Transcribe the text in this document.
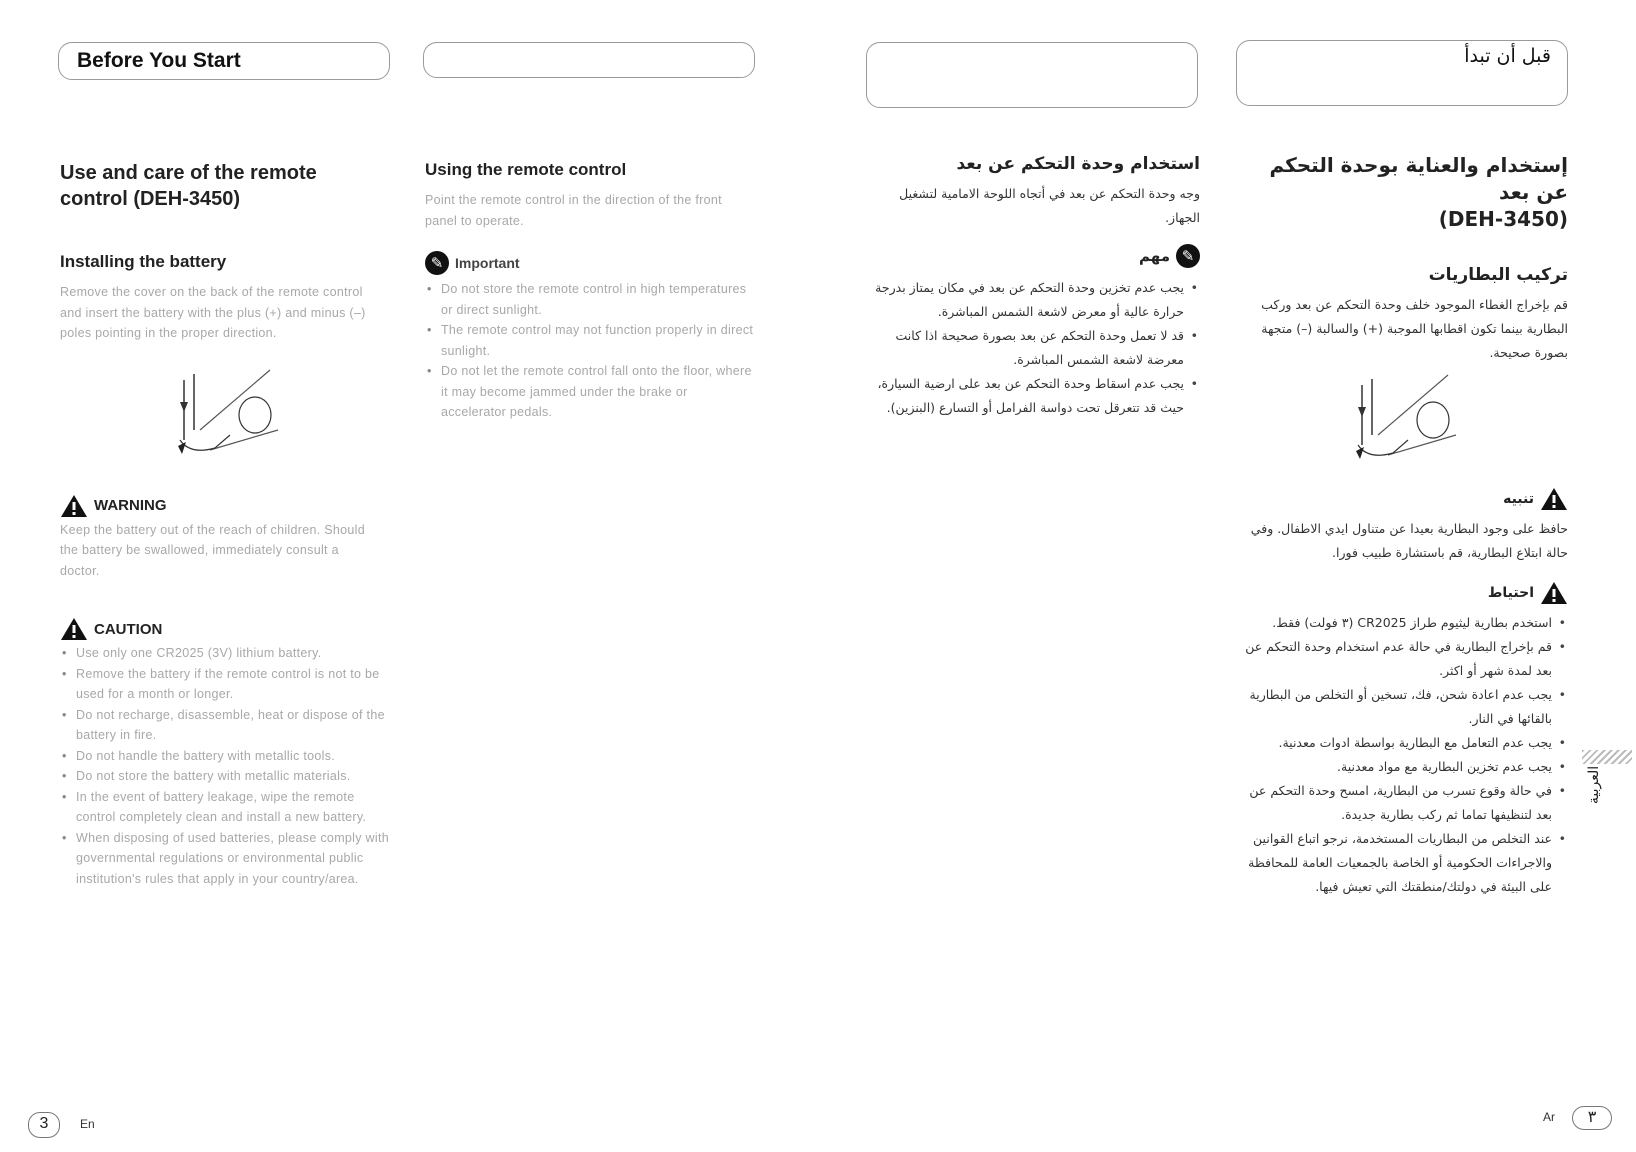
Before You Start	قبل أن تبدأ
Use and care of the remote control (DEH-3450)
Installing the battery
Remove the cover on the back of the remote control and insert the battery with the plus (+) and minus (–) poles pointing in the proper direction.
WARNING
Keep the battery out of the reach of children. Should the battery be swallowed, immediately consult a doctor.
CAUTION
• Use only one CR2025 (3V) lithium battery.
• Remove the battery if the remote control is not to be used for a month or longer.
• Do not recharge, disassemble, heat or dispose of the battery in fire.
• Do not handle the battery with metallic tools.
• Do not store the battery with metallic materials.
• In the event of battery leakage, wipe the remote control completely clean and install a new battery.
• When disposing of used batteries, please comply with governmental regulations or environmental public institution's rules that apply in your country/area.
Using the remote control
Point the remote control in the direction of the front panel to operate.
✎ Important
• Do not store the remote control in high temperatures or direct sunlight.
• The remote control may not function properly in direct sunlight.
• Do not let the remote control fall onto the floor, where it may become jammed under the brake or accelerator pedals.
استخدام وحدة التحكم عن بعد
وجه وحدة التحكم عن بعد في أتجاه اللوحة الامامية لتشغيل الجهاز.
✎
مهم
• يجب عدم تخزين وحدة التحكم عن بعد في مكان يمتاز بدرجة حرارة عالية أو معرض لاشعة الشمس المباشرة.
• قد لا تعمل وحدة التحكم عن بعد بصورة صحيحة اذا كانت معرضة لاشعة الشمس المباشرة.
• يجب عدم اسقاط وحدة التحكم عن بعد على ارضية السيارة، حيث قد تتعرقل تحت دواسة الفرامل أو التسارع (البنزين).
إستخدام والعناية بوحدة التحكم عن بعد
(DEH-3450)
تركيب البطاريات
قم بإخراج الغطاء الموجود خلف وحدة التحكم عن بعد وركب البطارية بينما تكون اقطابها الموجبة (+) والسالبة (–) متجهة بصورة صحيحة.
تنبيه
حافظ على وجود البطارية بعيدا عن متناول ايدي الاطفال. وفي حالة ابتلاع البطارية، قم باستشارة طبيب فورا.
احتياط
• استخدم بطارية ليثيوم طراز CR2025 (٣ فولت) فقط.
• قم بإخراج البطارية في حالة عدم استخدام وحدة التحكم عن بعد لمدة شهر أو اكثر.
• يجب عدم اعادة شحن، فك، تسخين أو التخلص من البطارية بالقائها في النار.
• يجب عدم التعامل مع البطارية بواسطة ادوات معدنية.
• يجب عدم تخزين البطارية مع مواد معدنية.
• في حالة وقوع تسرب من البطارية، امسح وحدة التحكم عن بعد لتنظيفها تماما ثم ركب بطارية جديدة.
• عند التخلص من البطاريات المستخدمة، نرجو اتباع القوانين والاجراءات الحكومية أو الخاصة بالجمعيات العامة للمحافظة على البيئة في دولتك/منطقتك التي تعيش فيها.
العربية
3	En	Ar	٣
